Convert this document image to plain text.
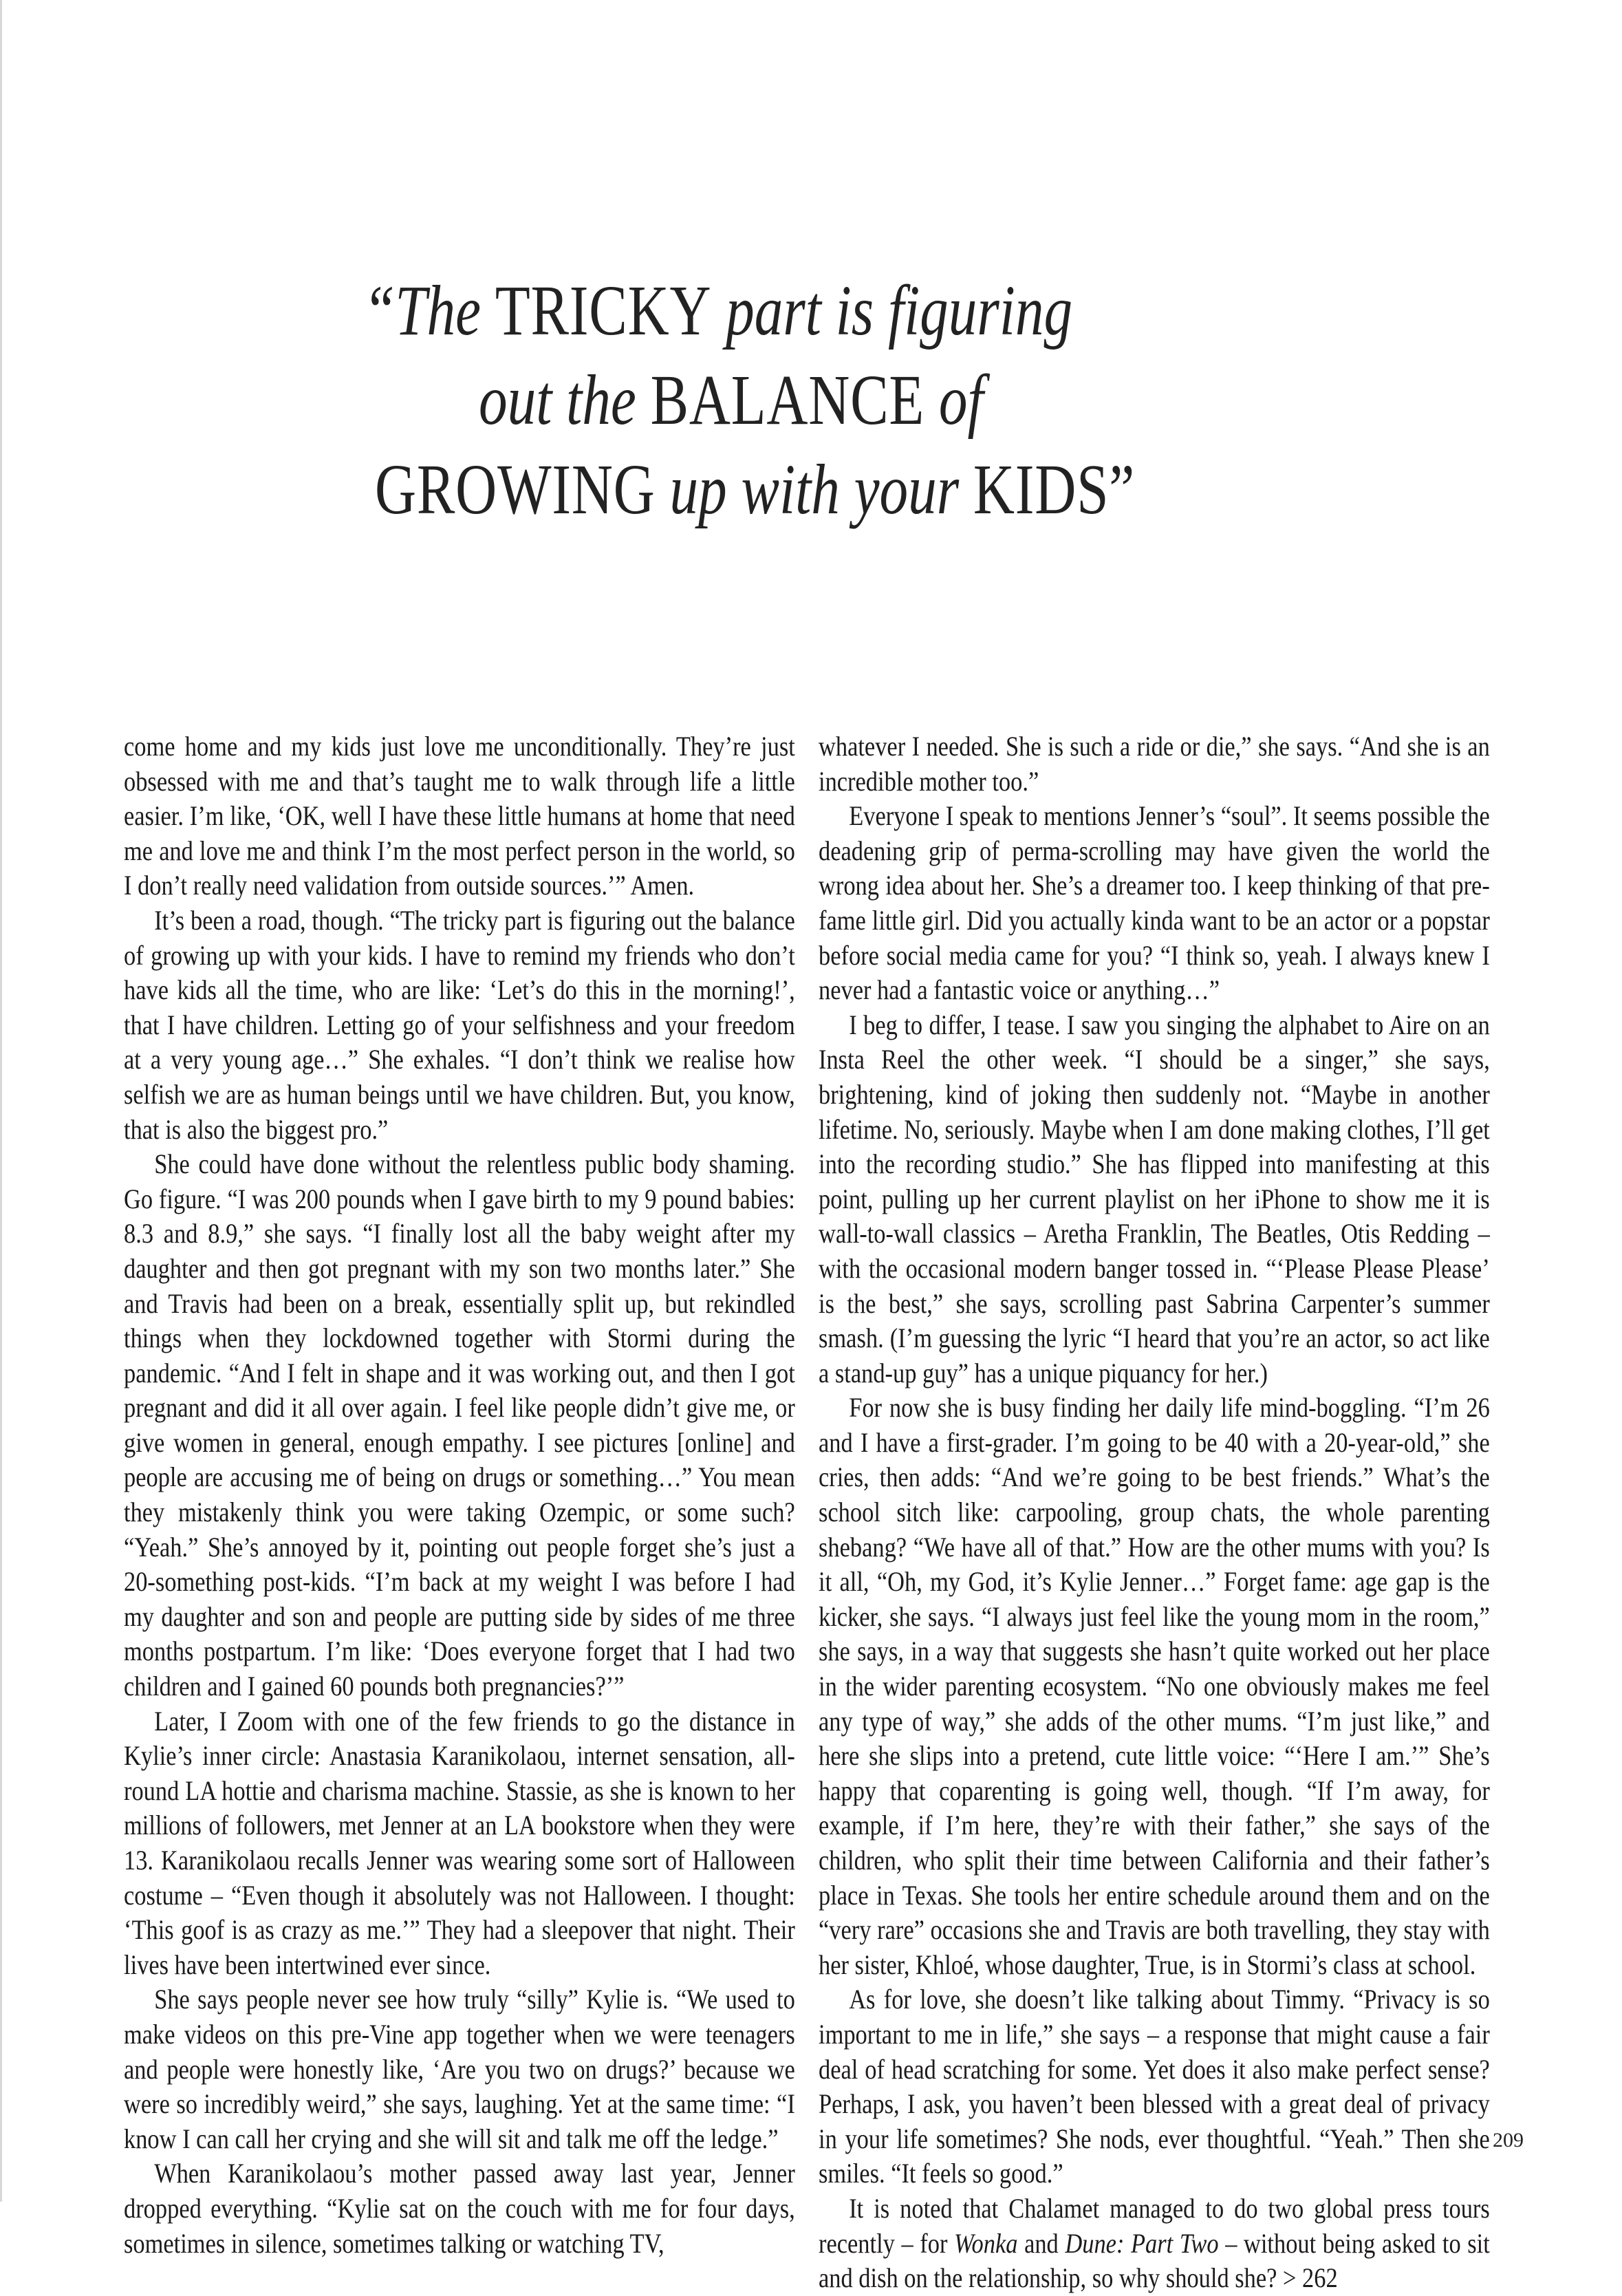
“The TRICKY part is figuring
out the BALANCE of
GROWING up with your KIDS”

come home and my kids just love me unconditionally. They’re just obsessed with me and that’s taught me to walk through life a little easier. I’m like, ‘OK, well I have these little humans at home that need me and love me and think I’m the most perfect person in the world, so I don’t really need validation from outside sources.’” Amen.

It’s been a road, though. “The tricky part is figuring out the balance of growing up with your kids. I have to remind my friends who don’t have kids all the time, who are like: ‘Let’s do this in the morning!’, that I have children. Letting go of your selfishness and your freedom at a very young age…” She exhales. “I don’t think we realise how selfish we are as human beings until we have children. But, you know, that is also the biggest pro.”

She could have done without the relentless public body shaming. Go figure. “I was 200 pounds when I gave birth to my 9 pound babies: 8.3 and 8.9,” she says. “I finally lost all the baby weight after my daughter and then got pregnant with my son two months later.” She and Travis had been on a break, essentially split up, but rekindled things when they lockdowned together with Stormi during the pandemic. “And I felt in shape and it was working out, and then I got pregnant and did it all over again. I feel like people didn’t give me, or give women in general, enough empathy. I see pictures [online] and people are accusing me of being on drugs or something…” You mean they mistakenly think you were taking Ozempic, or some such? “Yeah.” She’s annoyed by it, pointing out people forget she’s just a 20-something post-kids. “I’m back at my weight I was before I had my daughter and son and people are putting side by sides of me three months postpartum. I’m like: ‘Does everyone forget that I had two children and I gained 60 pounds both pregnancies?’”

Later, I Zoom with one of the few friends to go the distance in Kylie’s inner circle: Anastasia Karanikolaou, internet sensation, all-round LA hottie and charisma machine. Stassie, as she is known to her millions of followers, met Jenner at an LA bookstore when they were 13. Karanikolaou recalls Jenner was wearing some sort of Halloween costume – “Even though it absolutely was not Halloween. I thought: ‘This goof is as crazy as me.’” They had a sleepover that night. Their lives have been intertwined ever since.

She says people never see how truly “silly” Kylie is. “We used to make videos on this pre-Vine app together when we were teenagers and people were honestly like, ‘Are you two on drugs?’ because we were so incredibly weird,” she says, laughing. Yet at the same time: “I know I can call her crying and she will sit and talk me off the ledge.”

When Karanikolaou’s mother passed away last year, Jenner dropped everything. “Kylie sat on the couch with me for four days, sometimes in silence, sometimes talking or watching TV,

whatever I needed. She is such a ride or die,” she says. “And she is an incredible mother too.”

Everyone I speak to mentions Jenner’s “soul”. It seems possible the deadening grip of perma-scrolling may have given the world the wrong idea about her. She’s a dreamer too. I keep thinking of that pre-fame little girl. Did you actually kinda want to be an actor or a popstar before social media came for you? “I think so, yeah. I always knew I never had a fantastic voice or anything…”

I beg to differ, I tease. I saw you singing the alphabet to Aire on an Insta Reel the other week. “I should be a singer,” she says, brightening, kind of joking then suddenly not. “Maybe in another lifetime. No, seriously. Maybe when I am done making clothes, I’ll get into the recording studio.” She has flipped into manifesting at this point, pulling up her current playlist on her iPhone to show me it is wall-to-wall classics – Aretha Franklin, The Beatles, Otis Redding – with the occasional modern banger tossed in. “‘Please Please Please’ is the best,” she says, scrolling past Sabrina Carpenter’s summer smash. (I’m guessing the lyric “I heard that you’re an actor, so act like a stand-up guy” has a unique piquancy for her.)

For now she is busy finding her daily life mind-boggling. “I’m 26 and I have a first-grader. I’m going to be 40 with a 20-year-old,” she cries, then adds: “And we’re going to be best friends.” What’s the school sitch like: carpooling, group chats, the whole parenting shebang? “We have all of that.” How are the other mums with you? Is it all, “Oh, my God, it’s Kylie Jenner…” Forget fame: age gap is the kicker, she says. “I always just feel like the young mom in the room,” she says, in a way that suggests she hasn’t quite worked out her place in the wider parenting ecosystem. “No one obviously makes me feel any type of way,” she adds of the other mums. “I’m just like,” and here she slips into a pretend, cute little voice: “‘Here I am.’” She’s happy that coparenting is going well, though. “If I’m away, for example, if I’m here, they’re with their father,” she says of the children, who split their time between California and their father’s place in Texas. She tools her entire schedule around them and on the “very rare” occasions she and Travis are both travelling, they stay with her sister, Khloé, whose daughter, True, is in Stormi’s class at school.

As for love, she doesn’t like talking about Timmy. “Privacy is so important to me in life,” she says – a response that might cause a fair deal of head scratching for some. Yet does it also make perfect sense? Perhaps, I ask, you haven’t been blessed with a great deal of privacy in your life sometimes? She nods, ever thoughtful. “Yeah.” Then she smiles. “It feels so good.”

It is noted that Chalamet managed to do two global press tours recently – for Wonka and Dune: Part Two – without being asked to sit and dish on the relationship, so why should she? > 262

209
